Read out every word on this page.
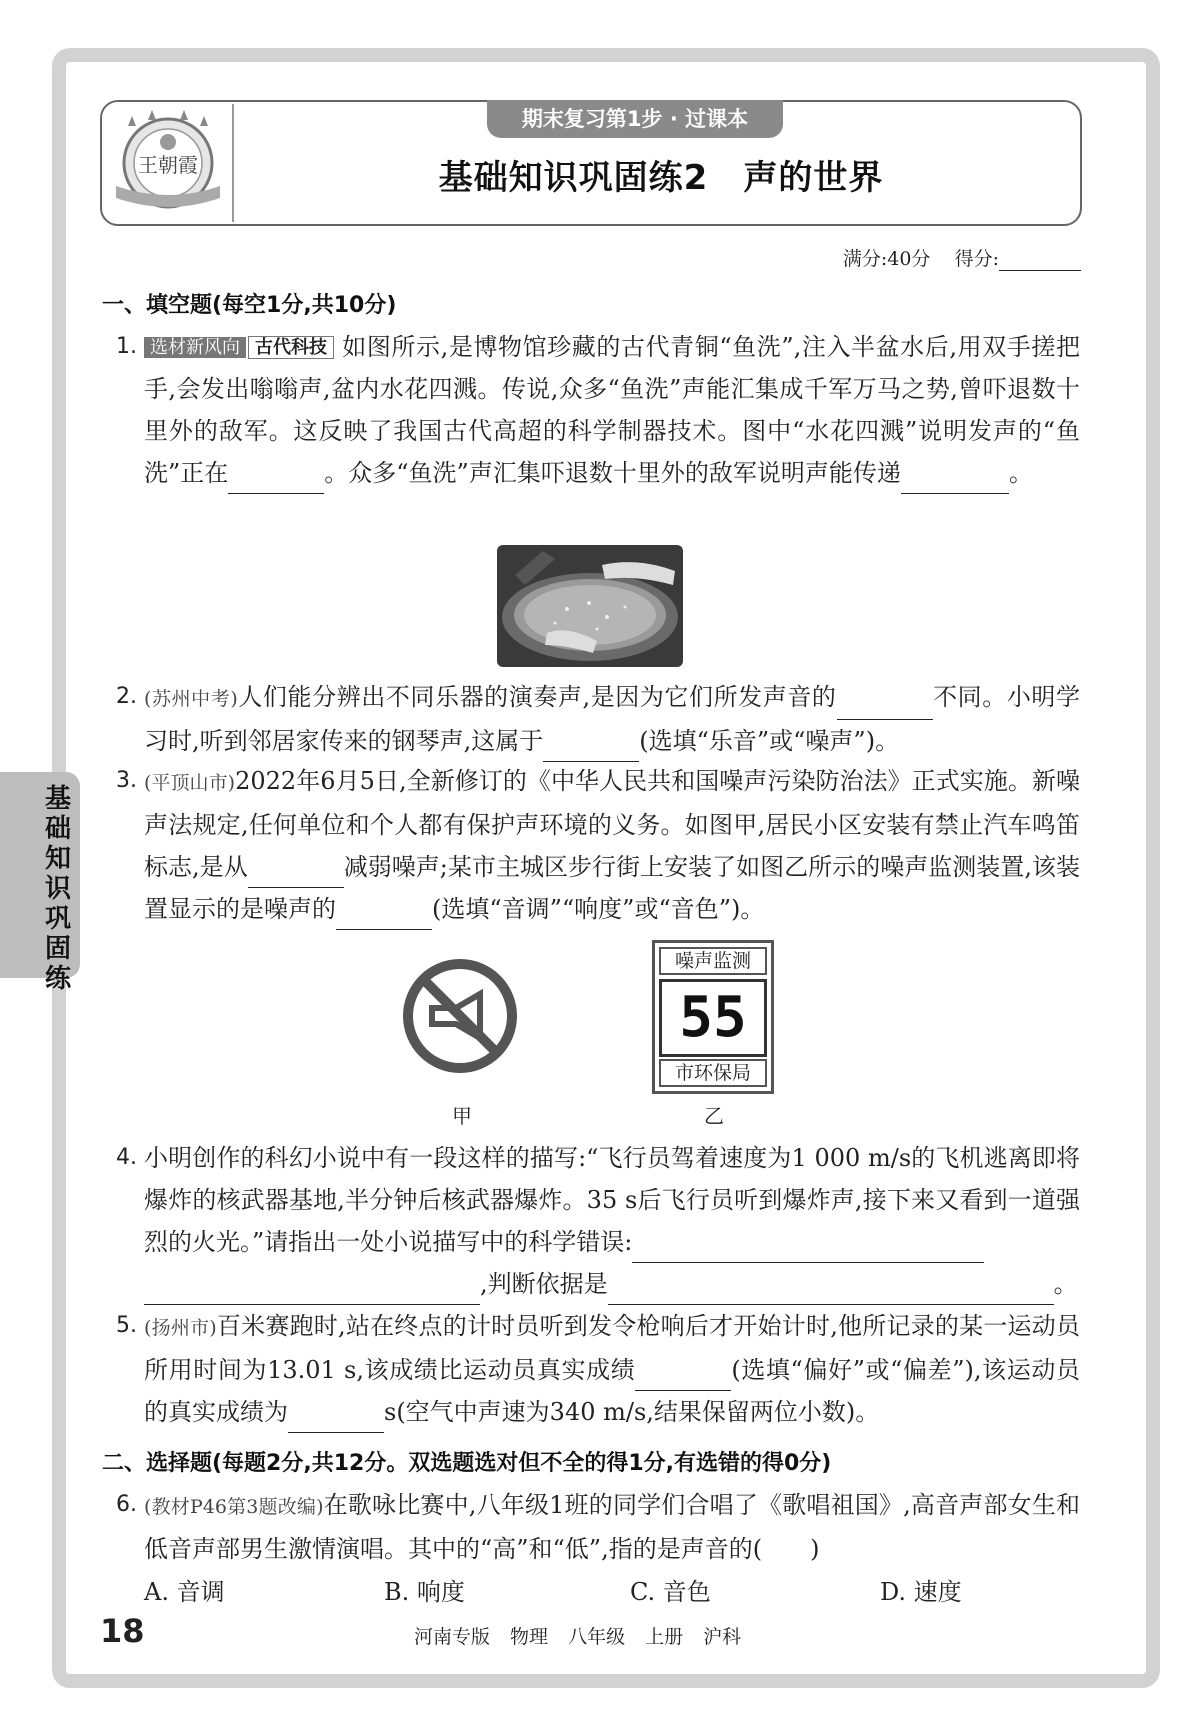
王朝霞
期末复习第1步 · 过课本
基础知识巩固练2　声的世界
满分:40分 得分:
基础知识巩固练
一、填空题(每空1分,共10分)
1. 选材新风向 古代科技 如图所示,是博物馆珍藏的古代青铜“鱼洗”,注入半盆水后,用双手搓把手,会发出嗡嗡声,盆内水花四溅。传说,众多“鱼洗”声能汇集成千军万马之势,曾吓退数十里外的敌军。这反映了我国古代高超的科学制器技术。图中“水花四溅”说明发声的“鱼洗”正在	。众多“鱼洗”声汇集吓退数十里外的敌军说明声能传递	。
2. (苏州中考)人们能分辨出不同乐器的演奏声,是因为它们所发声音的	不同。小明学习时,听到邻居家传来的钢琴声,这属于	(选填“乐音”或“噪声”)。
3. (平顶山市)2022年6月5日,全新修订的《中华人民共和国噪声污染防治法》正式实施。新噪声法规定,任何单位和个人都有保护声环境的义务。如图甲,居民小区安装有禁止汽车鸣笛标志,是从	减弱噪声;某市主城区步行街上安装了如图乙所示的噪声监测装置,该装置显示的是噪声的	(选填“音调”“响度”或“音色”)。
甲
噪声监测
55
市环保局
乙
4. 小明创作的科幻小说中有一段这样的描写:“飞行员驾着速度为1 000 m/s的飞机逃离即将爆炸的核武器基地,半分钟后核武器爆炸。35 s后飞行员听到爆炸声,接下来又看到一道强烈的火光。”请指出一处小说描写中的科学错误:
,判断依据是	。
5. (扬州市)百米赛跑时,站在终点的计时员听到发令枪响后才开始计时,他所记录的某一运动员所用时间为13.01 s,该成绩比运动员真实成绩	(选填“偏好”或“偏差”),该运动员的真实成绩为	s(空气中声速为340 m/s,结果保留两位小数)。
二、选择题(每题2分,共12分。双选题选对但不全的得1分,有选错的得0分)
6. (教材P46第3题改编)在歌咏比赛中,八年级1班的同学们合唱了《歌唱祖国》,高音声部女生和低音声部男生激情演唱。其中的“高”和“低”,指的是声音的(　　)
A. 音调	B. 响度	C. 音色	D. 速度
18	河南专版 物理 八年级 上册 沪科
